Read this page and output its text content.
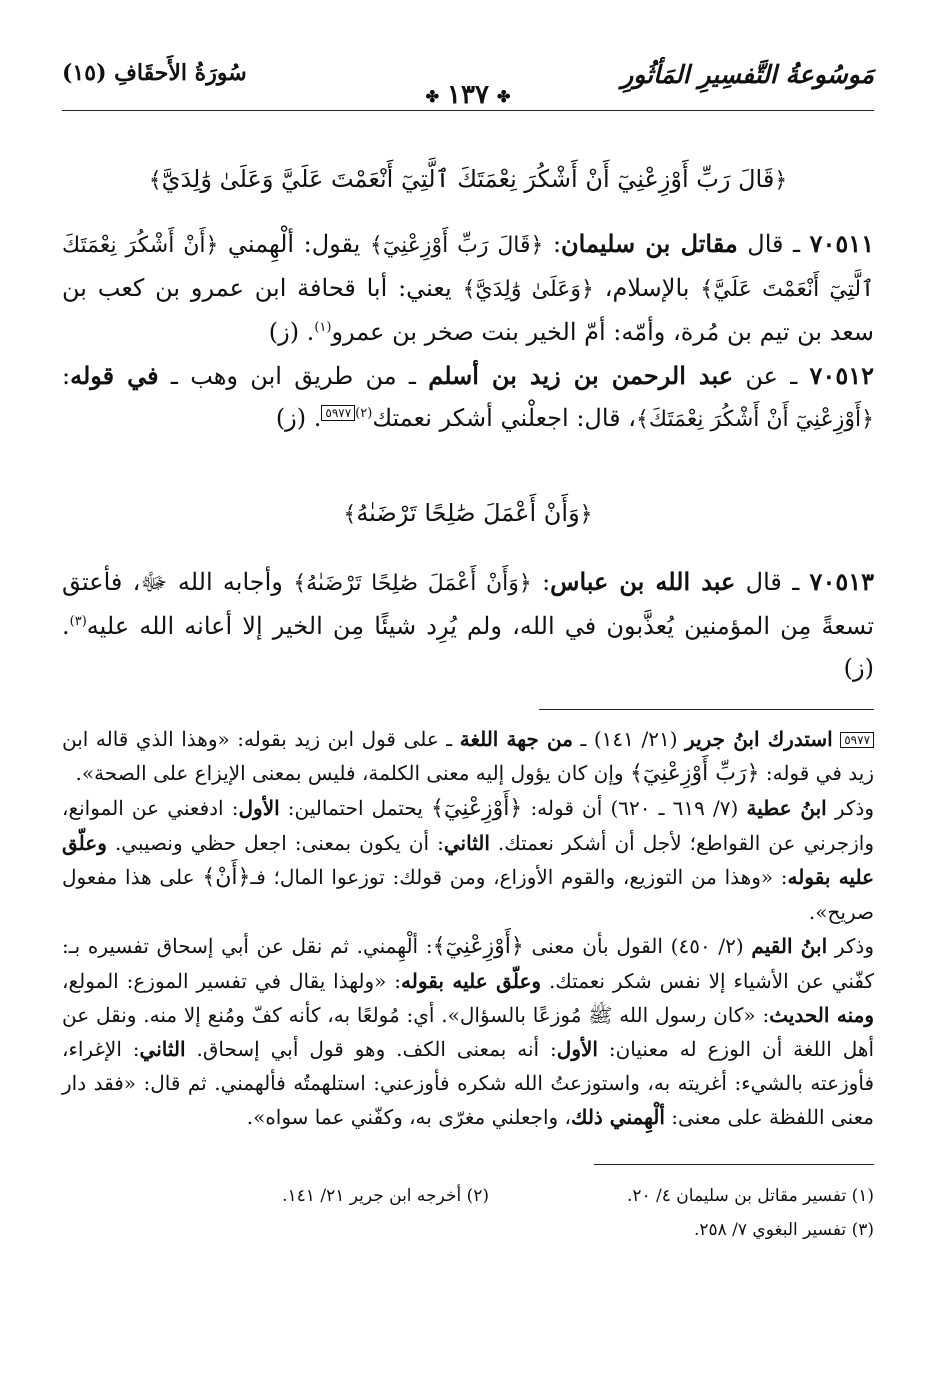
مَوسُوعةُ التَّفسِيرِ المَأثُورِ
✤١٣٧✤
سُورَةُ الأَحقَافِ (١٥)
﴿قَالَ رَبِّ أَوْزِعْنِيٓ أَنْ أَشْكُرَ نِعْمَتَكَ ٱلَّتِيٓ أَنْعَمْتَ عَلَيَّ وَعَلَىٰ وَٰلِدَيَّ﴾

٧٠٥١١ ـ قال مقاتل بن سليمان: ﴿قَالَ رَبِّ أَوْزِعْنِيٓ﴾ يقول: ألْهِمني ﴿أَنْ أَشْكُرَ نِعْمَتَكَ ٱلَّتِيٓ أَنْعَمْتَ عَلَيَّ﴾ بالإسلام، ﴿وَعَلَىٰ وَٰلِدَيَّ﴾ يعني: أبا قحافة ابن عمرو بن كعب بن سعد بن تيم بن مُرة، وأمّه: أمّ الخير بنت صخر بن عمرو$^{(١)}$. (ز)

٧٠٥١٢ ـ عن عبد الرحمن بن زيد بن أسلم ـ من طريق ابن وهب ـ في قوله: ﴿أَوْزِعْنِيٓ أَنْ أَشْكُرَ نِعْمَتَكَ﴾، قال: اجعلْني أشكر نعمتك$^{(٢)}$٥٩٧٧. (ز)

﴿وَأَنْ أَعْمَلَ صَٰلِحًا تَرْضَىٰهُ﴾

٧٠٥١٣ ـ قال عبد الله بن عباس: ﴿وَأَنْ أَعْمَلَ صَٰلِحًا تَرْضَىٰهُ﴾ وأجابه الله ﷻ، فأعتق تسعةً مِن المؤمنين يُعذَّبون في الله، ولم يُرِد شيئًا مِن الخير إلا أعانه الله عليه$^{(٣)}$. (ز)

٥٩٧٧ استدرك ابنُ جرير (٢١/ ١٤١) ـ من جهة اللغة ـ على قول ابن زيد بقوله: «وهذا الذي قاله ابن زيد في قوله: ﴿رَبِّ أَوْزِعْنِيٓ﴾ وإن كان يؤول إليه معنى الكلمة، فليس بمعنى الإيزاع على الصحة».

وذكر ابنُ عطية (٧/ ٦١٩ ـ ٦٢٠) أن قوله: ﴿أَوْزِعْنِيٓ﴾ يحتمل احتمالين: الأول: ادفعني عن الموانع، وازجرني عن القواطع؛ لأجل أن أشكر نعمتك. الثاني: أن يكون بمعنى: اجعل حظي ونصيبي. وعلّق عليه بقوله: «وهذا من التوزيع، والقوم الأوزاع، ومن قولك: توزعوا المال؛ فـ﴿أَنْ﴾ على هذا مفعول صريح».

وذكر ابنُ القيم (٢/ ٤٥٠) القول بأن معنى ﴿أَوْزِعْنِيٓ﴾: ألْهِمني. ثم نقل عن أبي إسحاق تفسيره بـ: كفّني عن الأشياء إلا نفس شكر نعمتك. وعلّق عليه بقوله: «ولهذا يقال في تفسير الموزع: المولع، ومنه الحديث: «كان رسول الله ﷺ مُوزعًا بالسؤال». أي: مُولعًا به، كأنه كفّ ومُنع إلا منه. ونقل عن أهل اللغة أن الوزع له معنيان: الأول: أنه بمعنى الكف. وهو قول أبي إسحاق. الثاني: الإغراء، فأوزعته بالشيء: أغريته به، واستوزعتُ الله شكره فأوزعني: استلهمتُه فألهمني. ثم قال: «فقد دار معنى اللفظة على معنى: ألْهِمني ذلك، واجعلني مغرّى به، وكفّني عما سواه».

(١) تفسير مقاتل بن سليمان ٤/ ٢٠.
(٢) أخرجه ابن جرير ٢١/ ١٤١.
(٣) تفسير البغوي ٧/ ٢٥٨.
